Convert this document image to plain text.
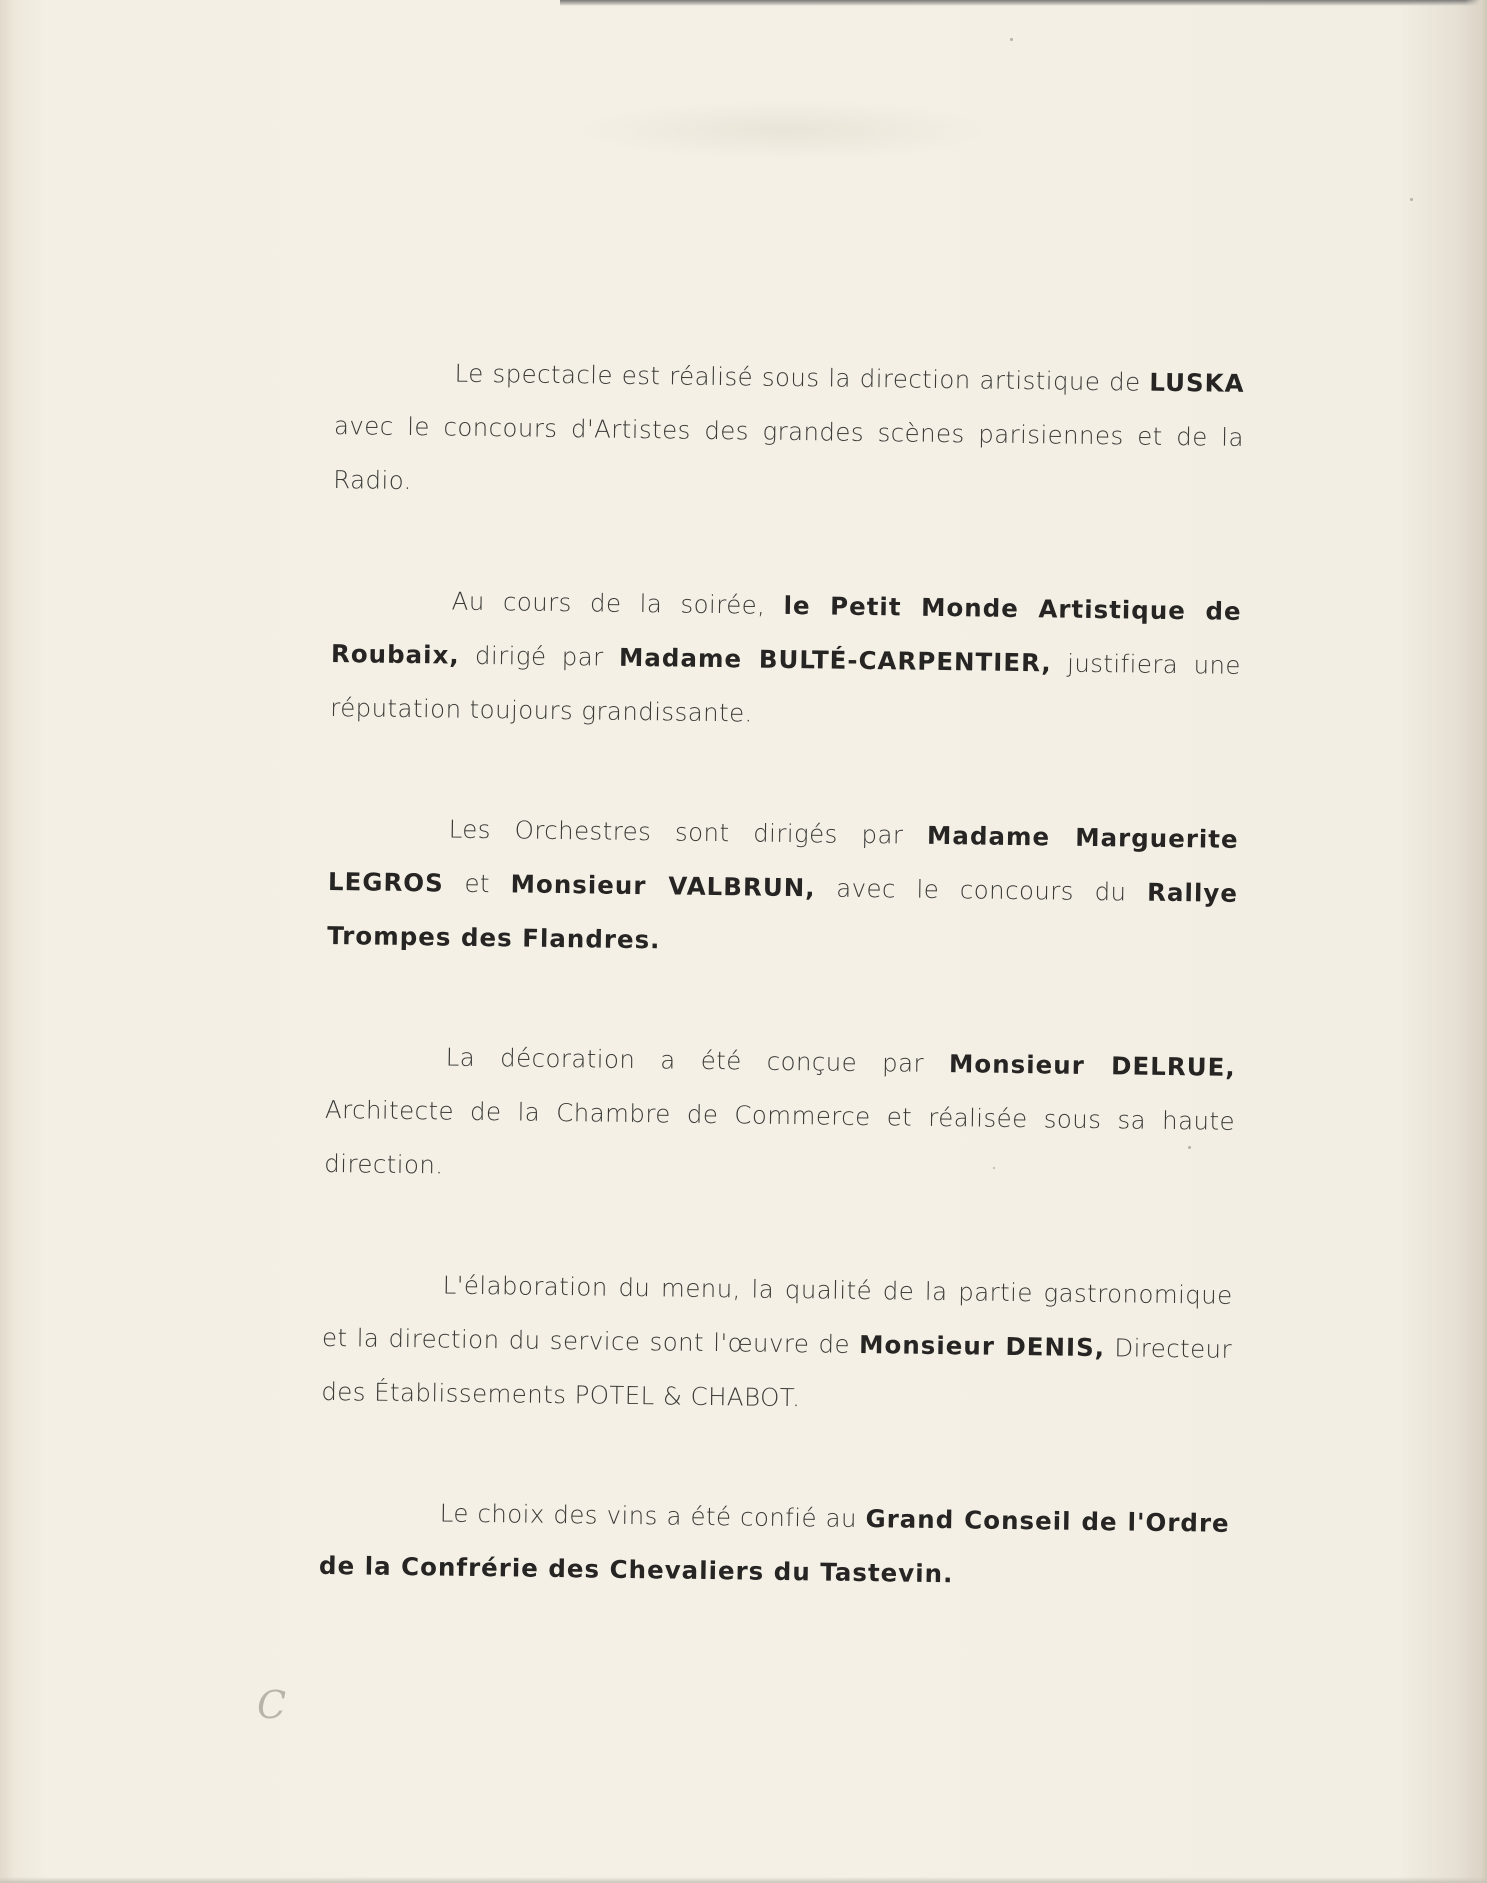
Le spectacle est réalisé sous la direction artistique de LUSKA avec le concours d'Artistes des grandes scènes parisiennes et de la Radio.

Au cours de la soirée, le Petit Monde Artistique de Roubaix, dirigé par Madame BULTÉ-CARPENTIER, justifiera une réputation toujours grandissante.

Les Orchestres sont dirigés par Madame Marguerite LEGROS et Monsieur VALBRUN, avec le concours du Rallye Trompes des Flandres.

La décoration a été conçue par Monsieur DELRUE, Architecte de la Chambre de Commerce et réalisée sous sa haute direction.

L'élaboration du menu, la qualité de la partie gastronomique et la direction du service sont l'œuvre de Monsieur DENIS, Directeur des Établissements POTEL & CHABOT.

Le choix des vins a été confié au Grand Conseil de l'Ordre de la Confrérie des Chevaliers du Tastevin.

C
